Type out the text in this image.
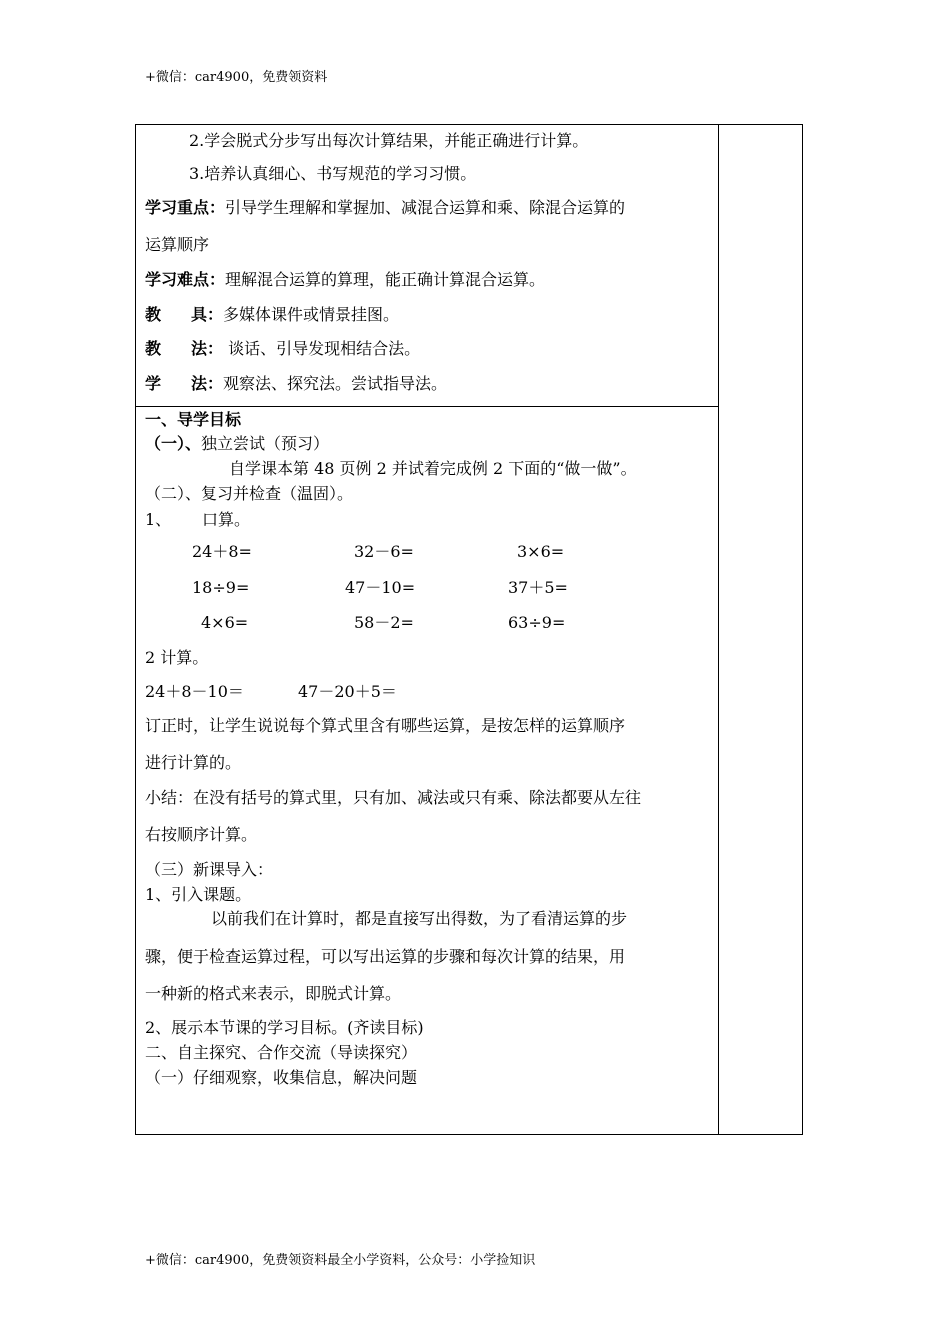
+微信：car4900，免费领资料
2.学会脱式分步写出每次计算结果，并能正确进行计算。
3.培养认真细心、书写规范的学习习惯。
学习重点：引导学生理解和掌握加、减混合运算和乘、除混合运算的
运算顺序
学习难点：理解混合运算的算理，能正确计算混合运算。
教 具：多媒体课件或情景挂图。
教 法： 谈话、引导发现相结合法。
学 法：观察法、探究法。尝试指导法。
一、导学目标
（一）、独立尝试（预习）
自学课本第 48 页例 2 并试着完成例 2 下面的“做一做”。
（二）、复习并检查（温固）。
1、 口算。
24＋8=	32－6=	3×6=
18÷9=	47－10=	37＋5=
4×6=	58－2=	63÷9=
2 计算。
24＋8－10＝	47－20＋5＝
订正时，让学生说说每个算式里含有哪些运算，是按怎样的运算顺序
进行计算的。
小结：在没有括号的算式里，只有加、减法或只有乘、除法都要从左往
右按顺序计算。
（三）新课导入：
1、引入课题。
以前我们在计算时，都是直接写出得数，为了看清运算的步
骤，便于检查运算过程，可以写出运算的步骤和每次计算的结果，用
一种新的格式来表示，即脱式计算。
2、展示本节课的学习目标。(齐读目标)
二、自主探究、合作交流（导读探究）
（一）仔细观察，收集信息，解决问题
+微信：car4900，免费领资料最全小学资料，公众号：小学捡知识
